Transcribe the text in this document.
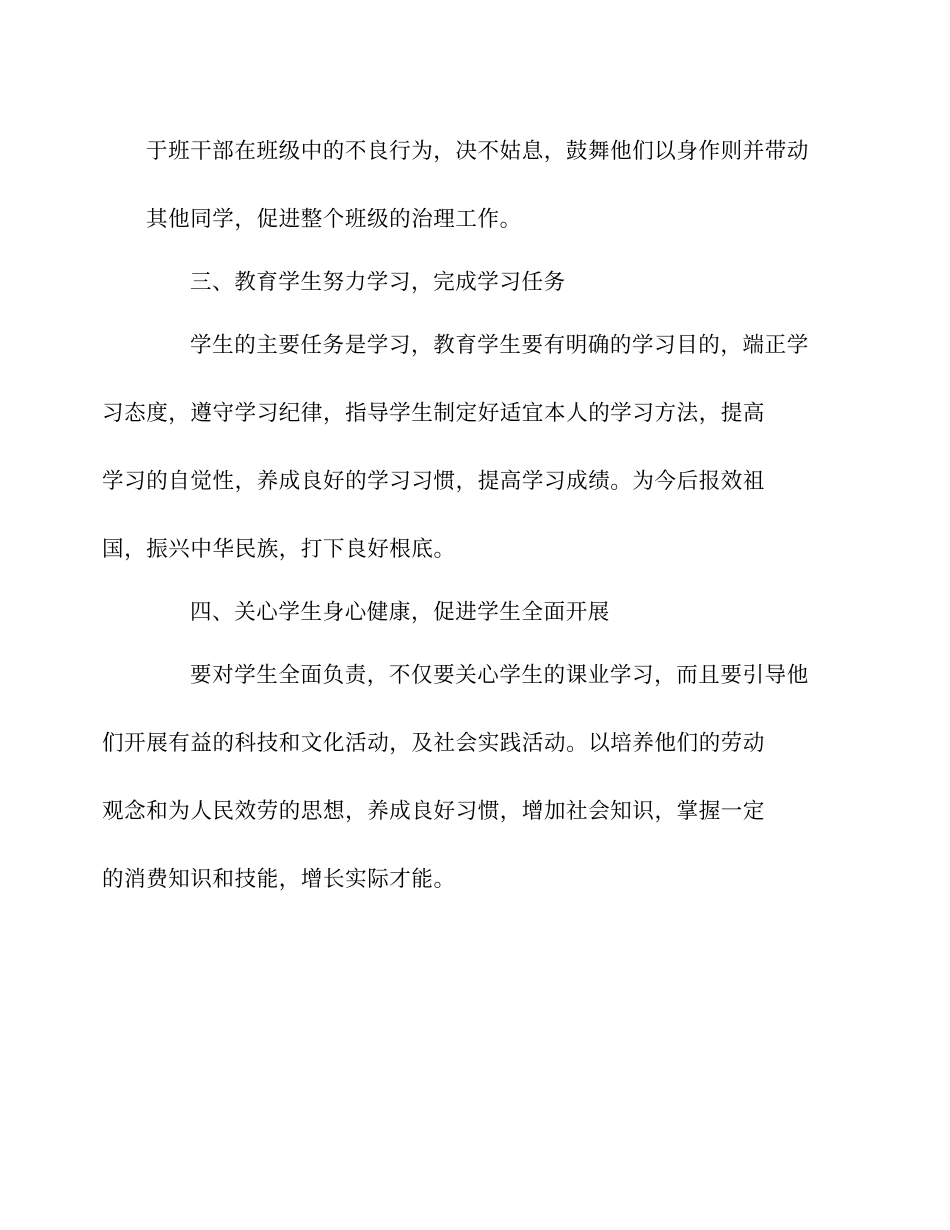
于班干部在班级中的不良行为，决不姑息，鼓舞他们以身作则并带动
其他同学，促进整个班级的治理工作。

三、教育学生努力学习，完成学习任务

学生的主要任务是学习，教育学生要有明确的学习目的，端正学
习态度，遵守学习纪律，指导学生制定好适宜本人的学习方法，提高
学习的自觉性，养成良好的学习习惯，提高学习成绩。为今后报效祖
国，振兴中华民族，打下良好根底。

四、关心学生身心健康，促进学生全面开展

要对学生全面负责，不仅要关心学生的课业学习，而且要引导他
们开展有益的科技和文化活动，及社会实践活动。以培养他们的劳动
观念和为人民效劳的思想，养成良好习惯，增加社会知识，掌握一定
的消费知识和技能，增长实际才能。
